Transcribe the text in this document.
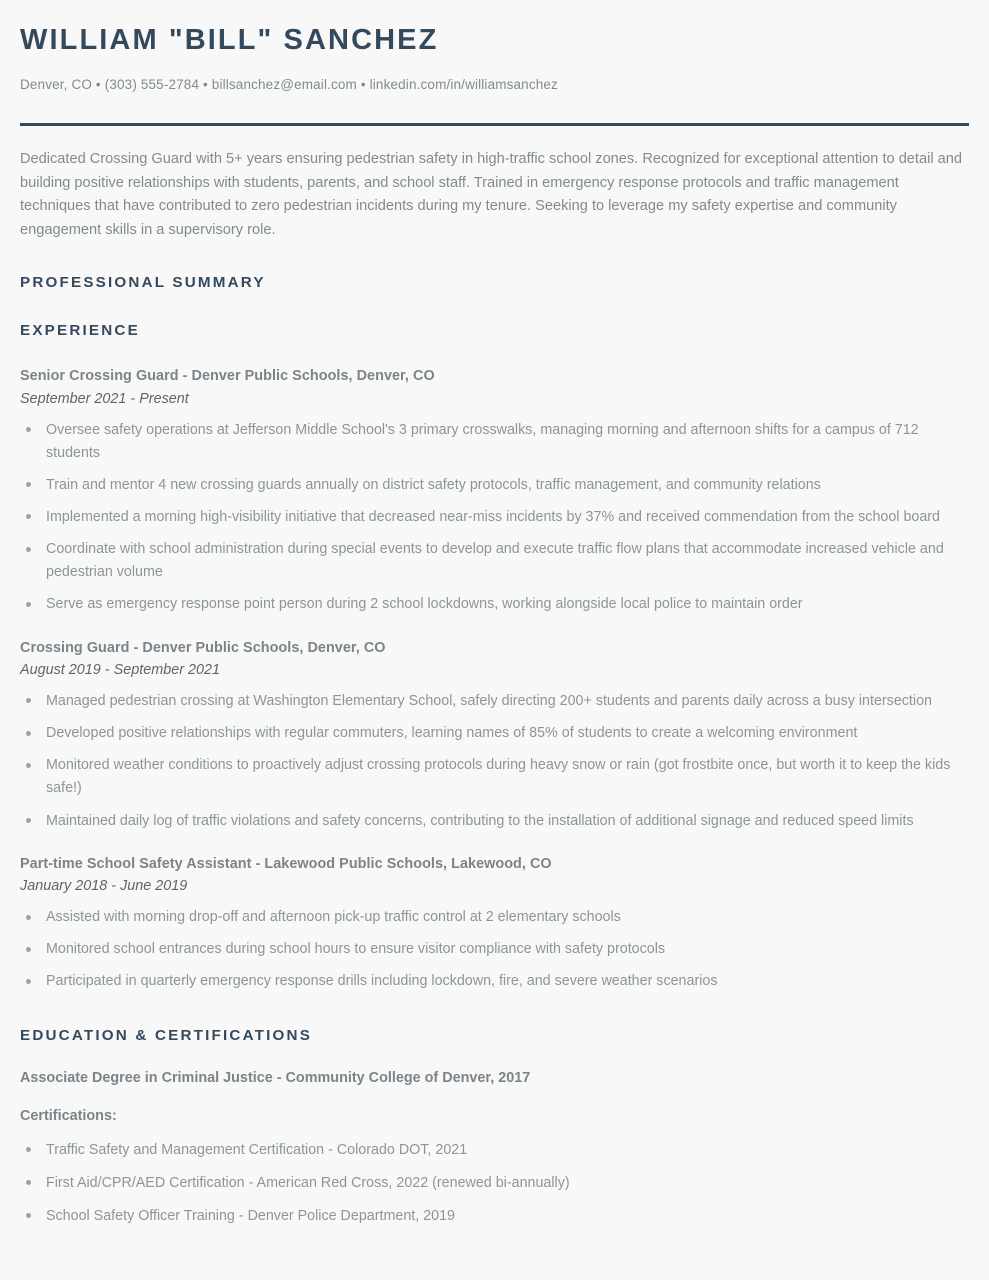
WILLIAM "BILL" SANCHEZ
Denver, CO • (303) 555-2784 • billsanchez@email.com • linkedin.com/in/williamsanchez

Dedicated Crossing Guard with 5+ years ensuring pedestrian safety in high-traffic school zones. Recognized for exceptional attention to detail and building positive relationships with students, parents, and school staff. Trained in emergency response protocols and traffic management techniques that have contributed to zero pedestrian incidents during my tenure. Seeking to leverage my safety expertise and community engagement skills in a supervisory role.

PROFESSIONAL SUMMARY
EXPERIENCE
Senior Crossing Guard - Denver Public Schools, Denver, CO
September 2021 - Present
Oversee safety operations at Jefferson Middle School's 3 primary crosswalks, managing morning and afternoon shifts for a campus of 712 students
Train and mentor 4 new crossing guards annually on district safety protocols, traffic management, and community relations
Implemented a morning high-visibility initiative that decreased near-miss incidents by 37% and received commendation from the school board
Coordinate with school administration during special events to develop and execute traffic flow plans that accommodate increased vehicle and pedestrian volume
Serve as emergency response point person during 2 school lockdowns, working alongside local police to maintain order
Crossing Guard - Denver Public Schools, Denver, CO
August 2019 - September 2021
Managed pedestrian crossing at Washington Elementary School, safely directing 200+ students and parents daily across a busy intersection
Developed positive relationships with regular commuters, learning names of 85% of students to create a welcoming environment
Monitored weather conditions to proactively adjust crossing protocols during heavy snow or rain (got frostbite once, but worth it to keep the kids safe!)
Maintained daily log of traffic violations and safety concerns, contributing to the installation of additional signage and reduced speed limits
Part-time School Safety Assistant - Lakewood Public Schools, Lakewood, CO
January 2018 - June 2019
Assisted with morning drop-off and afternoon pick-up traffic control at 2 elementary schools
Monitored school entrances during school hours to ensure visitor compliance with safety protocols
Participated in quarterly emergency response drills including lockdown, fire, and severe weather scenarios
EDUCATION & CERTIFICATIONS
Associate Degree in Criminal Justice - Community College of Denver, 2017
Certifications:
Traffic Safety and Management Certification - Colorado DOT, 2021
First Aid/CPR/AED Certification - American Red Cross, 2022 (renewed bi-annually)
School Safety Officer Training - Denver Police Department, 2019
